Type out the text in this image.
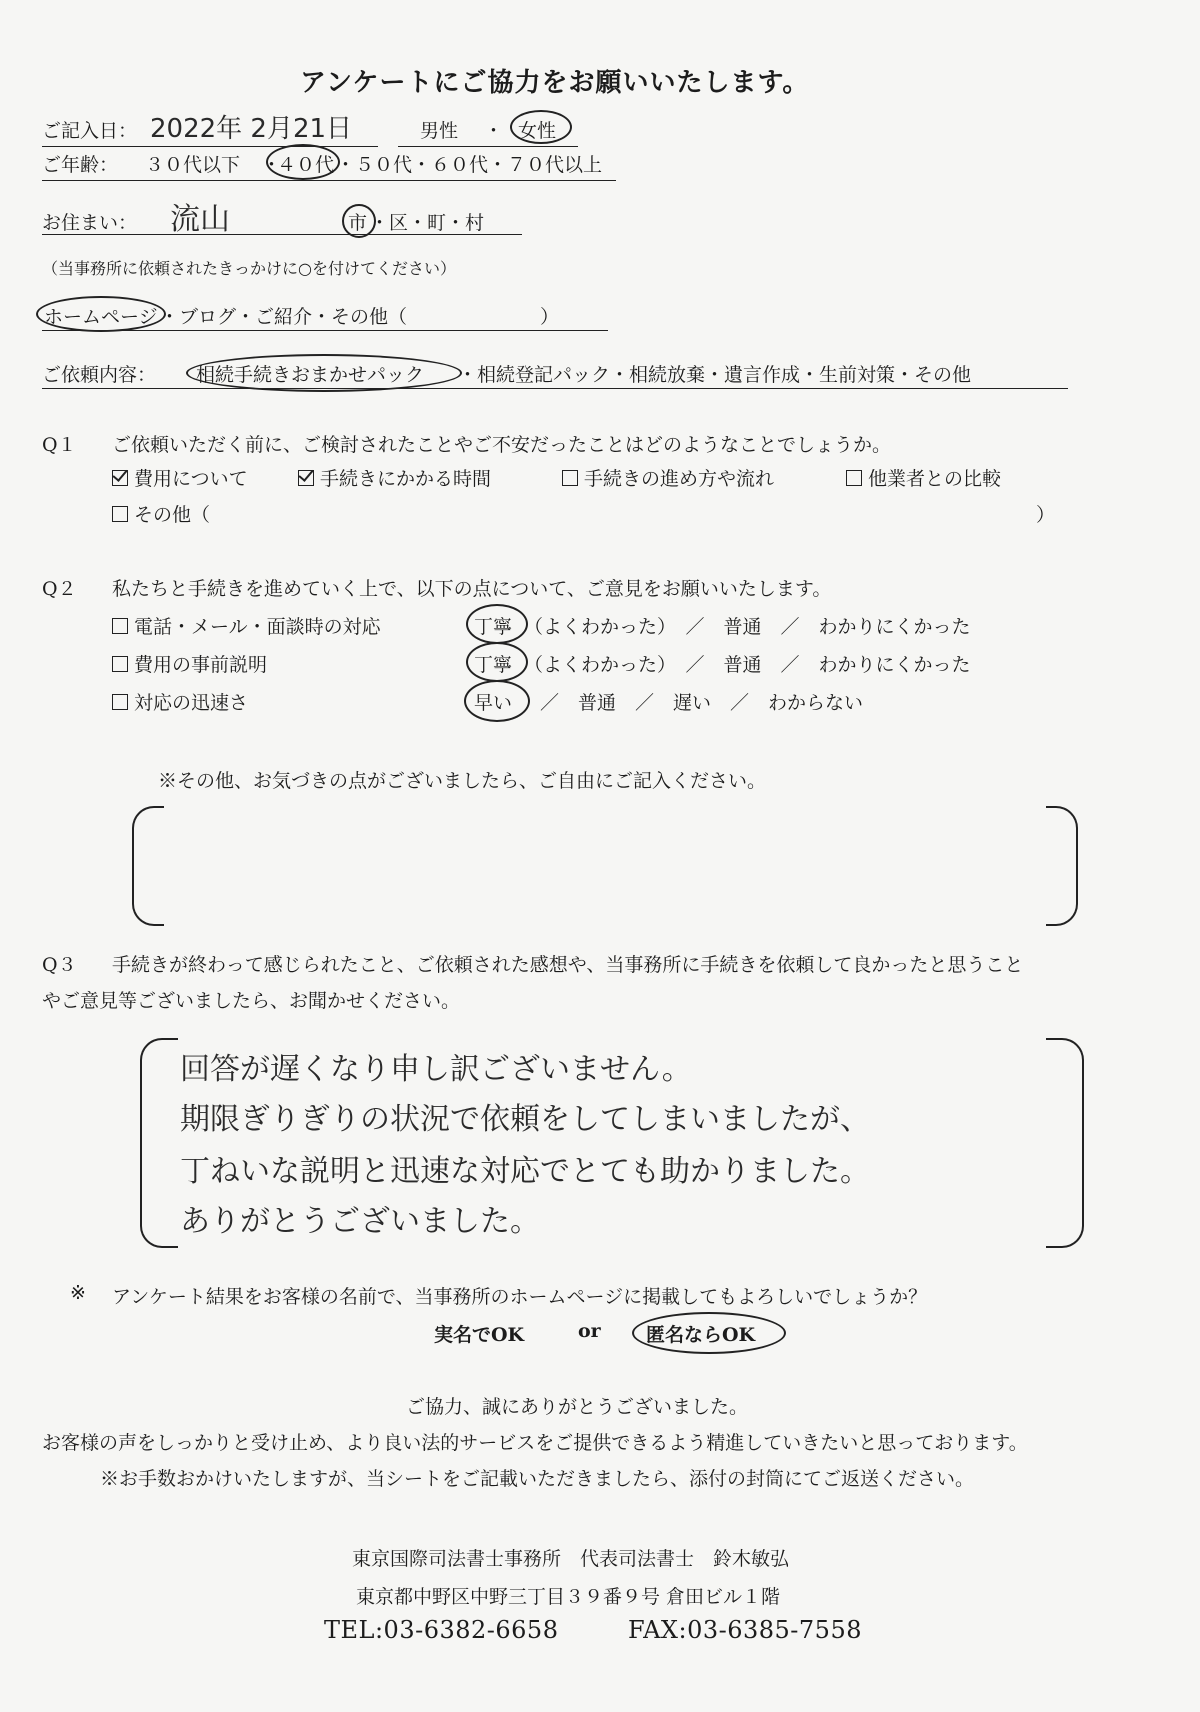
アンケートにご協力をお願いいたします。
ご記入日： 2022年 2月21日	男性 ・ 女性
ご年齢： ３０代以下 ・
４０代 ・５０代・６０代・７０代以上
お住まい： 流山	市 ・区・町・村
（当事務所に依頼されたきっかけに○を付けてください）
ホームページ ・ブログ・ご紹介・その他（　　　　　　　）
ご依頼内容： 相続手続きおまかせパック ・相続登記パック・相続放棄・遺言作成・生前対策・その他
Q１ ご依頼いただく前に、ご検討されたことやご不安だったことはどのようなことでしょうか。
費用について	手続きにかかる時間	手続きの進め方や流れ	他業者との比較
その他（	）
Q２ 私たちと手続きを進めていく上で、以下の点について、ご意見をお願いいたします。
電話・メール・面談時の対応	丁寧 （よくわかった）　／　普通　／　わかりにくかった
費用の事前説明	丁寧 （よくわかった）　／　普通　／　わかりにくかった
対応の迅速さ	早い ／　普通　／　遅い　／　わからない
※その他、お気づきの点がございましたら、ご自由にご記入ください。
Q３ 手続きが終わって感じられたこと、ご依頼された感想や、当事務所に手続きを依頼して良かったと思うこと
やご意見等ございましたら、お聞かせください。
回答が遅くなり申し訳ございません。
期限ぎりぎりの状況で依頼をしてしまいましたが、
丁ねいな説明と迅速な対応でとても助かりました。
ありがとうございました。
※ アンケート結果をお客様の名前で、当事務所のホームページに掲載してもよろしいでしょうか？
実名でOK	or 匿名ならOK
ご協力、誠にありがとうございました。
お客様の声をしっかりと受け止め、より良い法的サービスをご提供できるよう精進していきたいと思っております。
※お手数おかけいたしますが、当シートをご記載いただきましたら、添付の封筒にてご返送ください。
東京国際司法書士事務所　代表司法書士　鈴木敏弘
東京都中野区中野三丁目３９番９号 倉田ビル１階
TEL:03-6382-6658	FAX:03-6385-7558
